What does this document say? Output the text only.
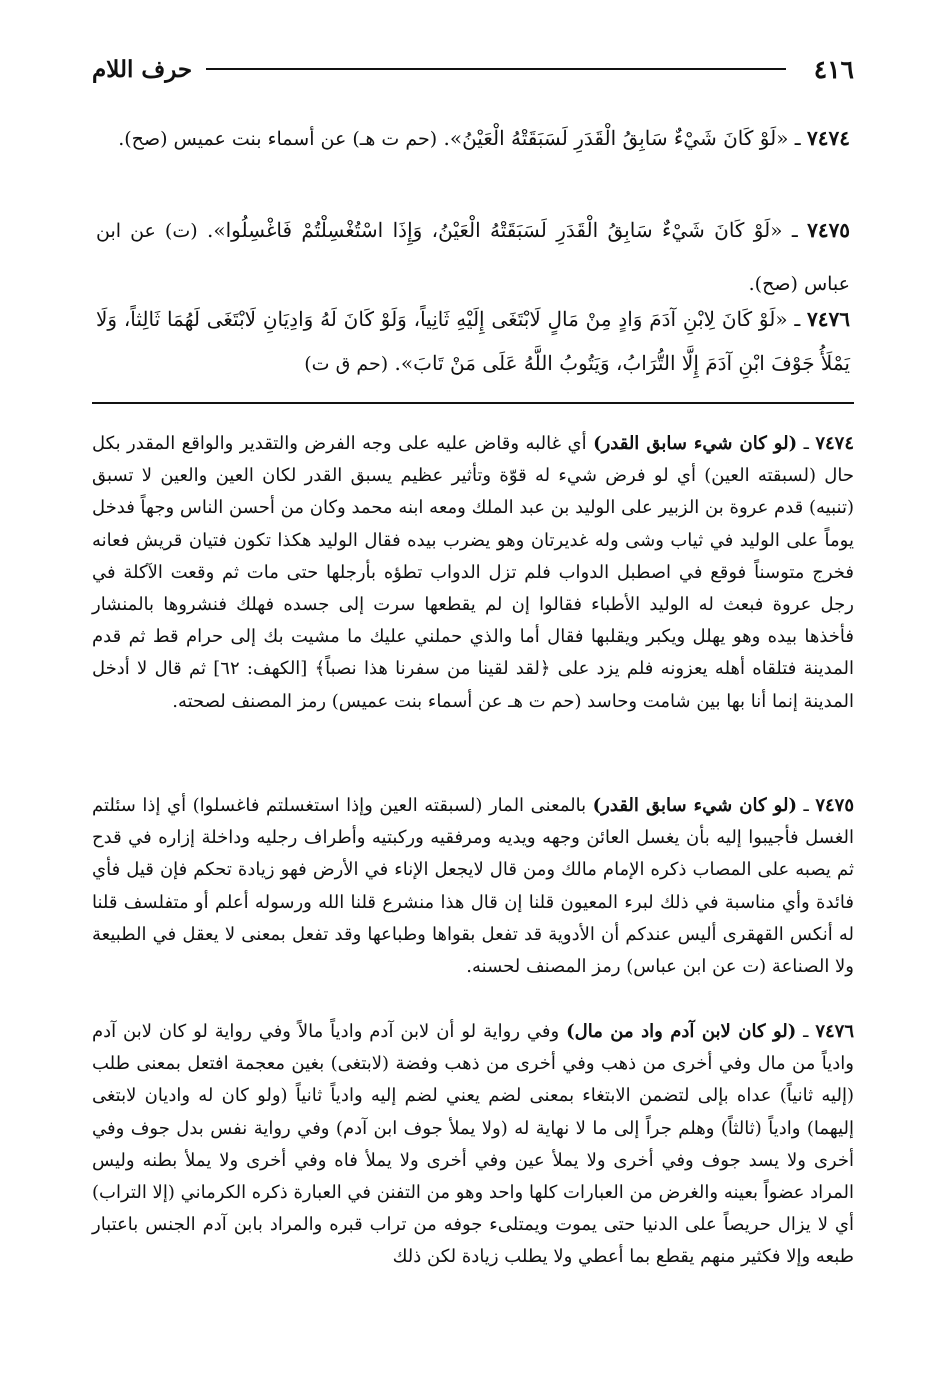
٤١٦
حرف اللام
٧٤٧٤ ـ «لَوْ كَانَ شَيْءٌ سَابِقُ الْقَدَرِ لَسَبَقَتْهُ الْعَيْنُ». (حم ت هـ) عن أسماء بنت عميس (صح).
٧٤٧٥ ـ «لَوْ كَانَ شَيْءٌ سَابِقُ الْقَدَرِ لَسَبَقَتْهُ الْعَيْنُ، وَإِذَا اسْتُغْسِلْتُمْ فَاغْسِلُوا». (ت) عن ابن عباس (صح).
٧٤٧٦ ـ «لَوْ كَانَ لِابْنِ آدَمَ وَادٍ مِنْ مَالٍ لَابْتَغَى إِلَيْهِ ثَانِياً، وَلَوْ كَانَ لَهُ وَادِيَانِ لَابْتَغَى لَهُمَا ثَالِثاً، وَلَا يَمْلَأُ جَوْفَ ابْنِ آدَمَ إِلَّا التُّرَابُ، وَيَتُوبُ اللَّهُ عَلَى مَنْ تَابَ». (حم ق ت)
٧٤٧٤ ـ (لو كان شيء سابق القدر) أي غالبه وقاض عليه على وجه الفرض والتقدير والواقع المقدر بكل حال (لسبقته العين) أي لو فرض شيء له قوّة وتأثير عظيم يسبق القدر لكان العين والعين لا تسبق (تنبيه) قدم عروة بن الزبير على الوليد بن عبد الملك ومعه ابنه محمد وكان من أحسن الناس وجهاً فدخل يوماً على الوليد في ثياب وشى وله غديرتان وهو يضرب بيده فقال الوليد هكذا تكون فتيان قريش فعانه فخرج متوسناً فوقع في اصطبل الدواب فلم تزل الدواب تطؤه بأرجلها حتى مات ثم وقعت الآكلة في رجل عروة فبعث له الوليد الأطباء فقالوا إن لم يقطعها سرت إلى جسده فهلك فنشروها بالمنشار فأخذها بيده وهو يهلل ويكبر ويقلبها فقال أما والذي حملني عليك ما مشيت بك إلى حرام قط ثم قدم المدينة فتلقاه أهله يعزونه فلم يزد على ﴿لقد لقينا من سفرنا هذا نصباً﴾ [الكهف: ٦٢] ثم قال لا أدخل المدينة إنما أنا بها بين شامت وحاسد (حم ت هـ عن أسماء بنت عميس) رمز المصنف لصحته.
٧٤٧٥ ـ (لو كان شيء سابق القدر) بالمعنى المار (لسبقته العين وإذا استغسلتم فاغسلوا) أي إذا سئلتم الغسل فأجيبوا إليه بأن يغسل العائن وجهه ويديه ومرفقيه وركبتيه وأطراف رجليه وداخلة إزاره في قدح ثم يصبه على المصاب ذكره الإمام مالك ومن قال لايجعل الإناء في الأرض فهو زيادة تحكم فإن قيل فأي فائدة وأي مناسبة في ذلك لبرء المعيون قلنا إن قال هذا منشرع قلنا الله ورسوله أعلم أو متفلسف قلنا له أنكس القهقرى أليس عندكم أن الأدوية قد تفعل بقواها وطباعها وقد تفعل بمعنى لا يعقل في الطبيعة ولا الصناعة (ت عن ابن عباس) رمز المصنف لحسنه.
٧٤٧٦ ـ (لو كان لابن آدم واد من مال) وفي رواية لو أن لابن آدم وادياً مالاً وفي رواية لو كان لابن آدم وادياً من مال وفي أخرى من ذهب وفي أخرى من ذهب وفضة (لابتغى) بغين معجمة افتعل بمعنى طلب (إليه ثانياً) عداه بإلى لتضمن الابتغاء بمعنى لضم يعني لضم إليه وادياً ثانياً (ولو كان له واديان لابتغى إليهما) وادياً (ثالثاً) وهلم جراً إلى ما لا نهاية له (ولا يملأ جوف ابن آدم) وفي رواية نفس بدل جوف وفي أخرى ولا يسد جوف وفي أخرى ولا يملأ عين وفي أخرى ولا يملأ فاه وفي أخرى ولا يملأ بطنه وليس المراد عضواً بعينه والغرض من العبارات كلها واحد وهو من التفنن في العبارة ذكره الكرماني (إلا التراب) أي لا يزال حريصاً على الدنيا حتى يموت ويمتلىء جوفه من تراب قبره والمراد بابن آدم الجنس باعتبار طبعه وإلا فكثير منهم يقطع بما أعطي ولا يطلب زيادة لكن ذلك
